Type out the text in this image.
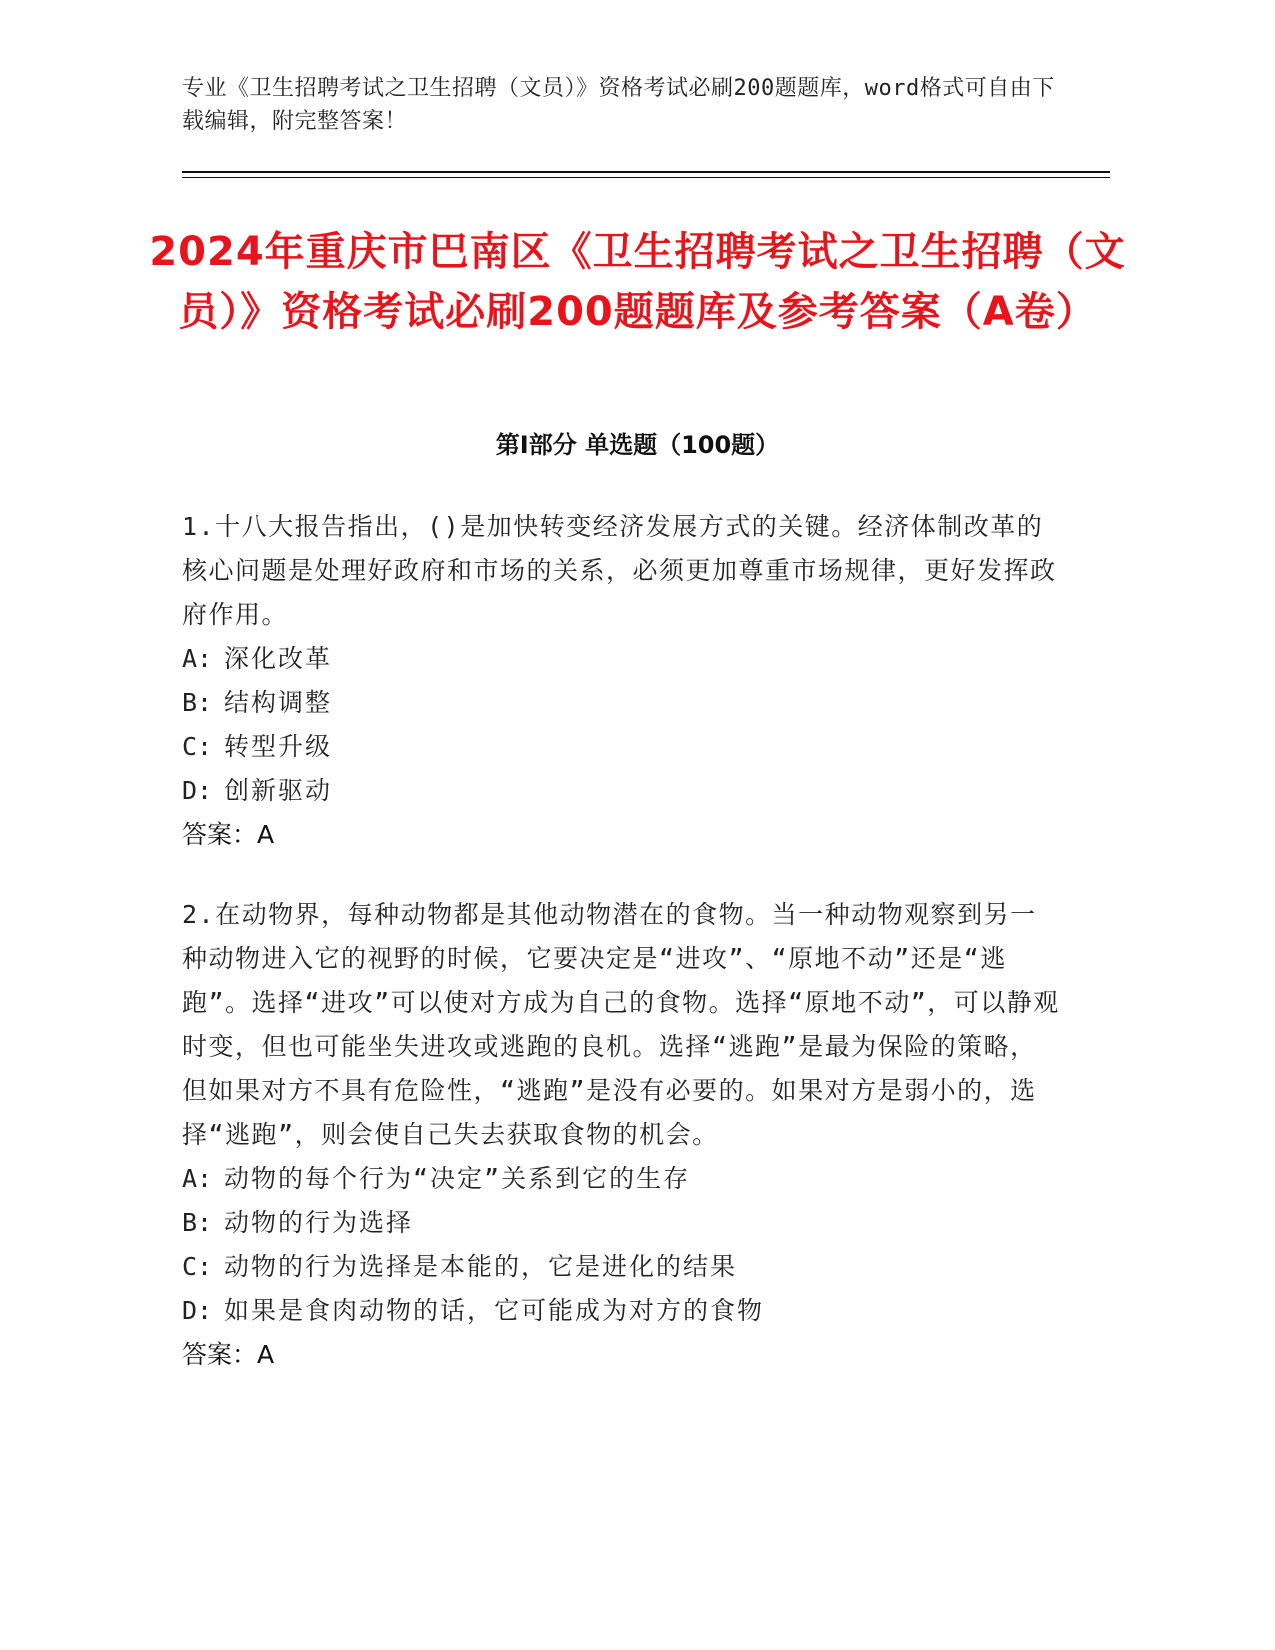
专业《卫生招聘考试之卫生招聘（文员）》资格考试必刷200题题库，word格式可自由下载编辑，附完整答案！
2024年重庆市巴南区《卫生招聘考试之卫生招聘（文员）》资格考试必刷200题题库及参考答案（A卷）
第Ⅰ部分 单选题（100题）

1.十八大报告指出，()是加快转变经济发展方式的关键。经济体制改革的核心问题是处理好政府和市场的关系，必须更加尊重市场规律，更好发挥政府作用。

A: 深化改革

B: 结构调整

C: 转型升级

D: 创新驱动

答案：A

2.在动物界，每种动物都是其他动物潜在的食物。当一种动物观察到另一种动物进入它的视野的时候，它要决定是“进攻”、“原地不动”还是“逃跑”。选择“进攻”可以使对方成为自己的食物。选择“原地不动”，可以静观时变，但也可能坐失进攻或逃跑的良机。选择“逃跑”是最为保险的策略，但如果对方不具有危险性，“逃跑”是没有必要的。如果对方是弱小的，选择“逃跑”，则会使自己失去获取食物的机会。

A: 动物的每个行为“决定”关系到它的生存

B: 动物的行为选择

C: 动物的行为选择是本能的，它是进化的结果

D: 如果是食肉动物的话，它可能成为对方的食物

答案：A
